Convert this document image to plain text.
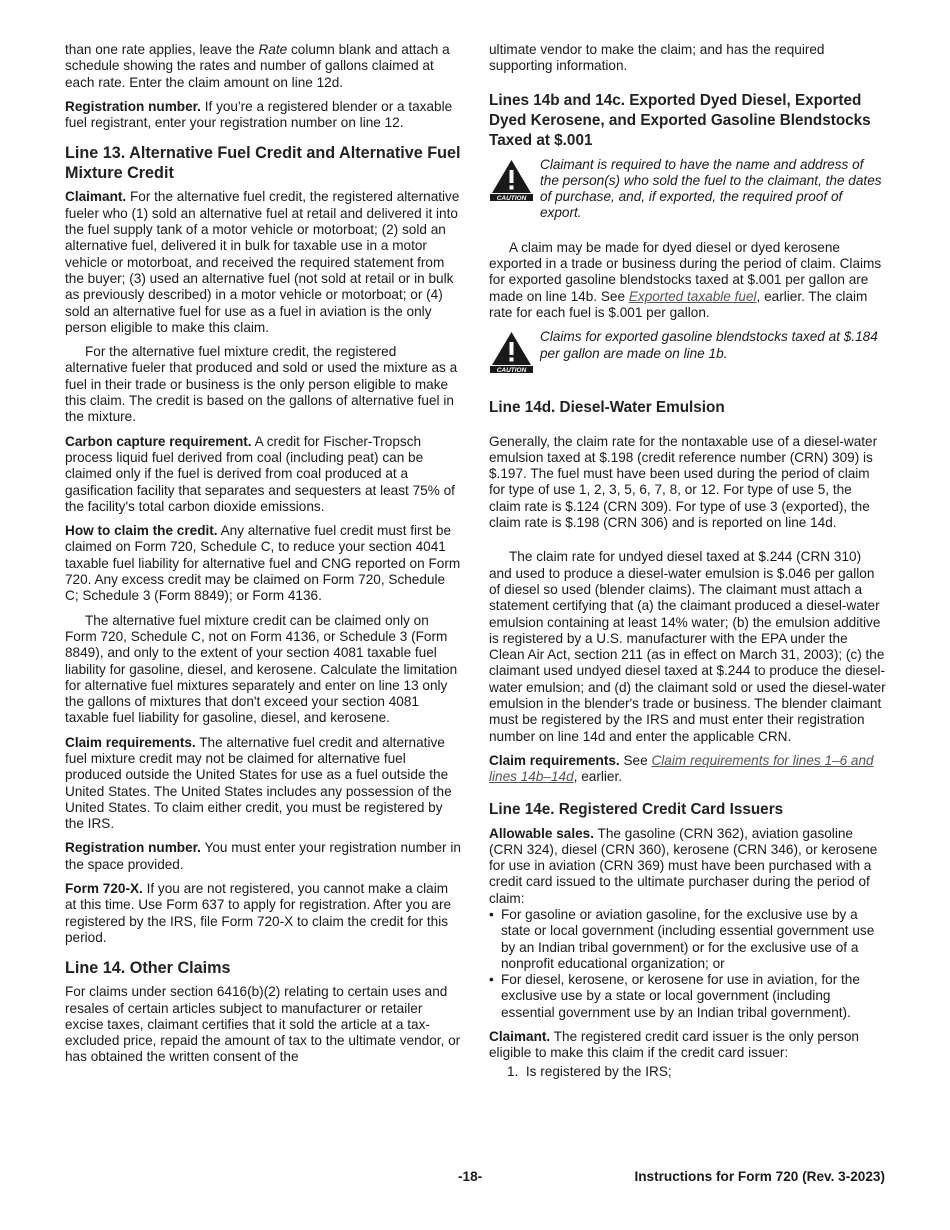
than one rate applies, leave the Rate column blank and attach a schedule showing the rates and number of gallons claimed at each rate. Enter the claim amount on line 12d.

Registration number. If you're a registered blender or a taxable fuel registrant, enter your registration number on line 12.

Line 13. Alternative Fuel Credit and Alternative Fuel Mixture Credit

Claimant. For the alternative fuel credit, the registered alternative fueler who (1) sold an alternative fuel at retail and delivered it into the fuel supply tank of a motor vehicle or motorboat; (2) sold an alternative fuel, delivered it in bulk for taxable use in a motor vehicle or motorboat, and received the required statement from the buyer; (3) used an alternative fuel (not sold at retail or in bulk as previously described) in a motor vehicle or motorboat; or (4) sold an alternative fuel for use as a fuel in aviation is the only person eligible to make this claim.

For the alternative fuel mixture credit, the registered alternative fueler that produced and sold or used the mixture as a fuel in their trade or business is the only person eligible to make this claim. The credit is based on the gallons of alternative fuel in the mixture.

Carbon capture requirement. A credit for Fischer-Tropsch process liquid fuel derived from coal (including peat) can be claimed only if the fuel is derived from coal produced at a gasification facility that separates and sequesters at least 75% of the facility's total carbon dioxide emissions.

How to claim the credit. Any alternative fuel credit must first be claimed on Form 720, Schedule C, to reduce your section 4041 taxable fuel liability for alternative fuel and CNG reported on Form 720. Any excess credit may be claimed on Form 720, Schedule C; Schedule 3 (Form 8849); or Form 4136.

The alternative fuel mixture credit can be claimed only on Form 720, Schedule C, not on Form 4136, or Schedule 3 (Form 8849), and only to the extent of your section 4081 taxable fuel liability for gasoline, diesel, and kerosene. Calculate the limitation for alternative fuel mixtures separately and enter on line 13 only the gallons of mixtures that don't exceed your section 4081 taxable fuel liability for gasoline, diesel, and kerosene.

Claim requirements. The alternative fuel credit and alternative fuel mixture credit may not be claimed for alternative fuel produced outside the United States for use as a fuel outside the United States. The United States includes any possession of the United States. To claim either credit, you must be registered by the IRS.

Registration number. You must enter your registration number in the space provided.

Form 720-X. If you are not registered, you cannot make a claim at this time. Use Form 637 to apply for registration. After you are registered by the IRS, file Form 720-X to claim the credit for this period.

Line 14. Other Claims

For claims under section 6416(b)(2) relating to certain uses and resales of certain articles subject to manufacturer or retailer excise taxes, claimant certifies that it sold the article at a tax-excluded price, repaid the amount of tax to the ultimate vendor, or has obtained the written consent of the

ultimate vendor to make the claim; and has the required supporting information.

Lines 14b and 14c. Exported Dyed Diesel, Exported Dyed Kerosene, and Exported Gasoline Blendstocks Taxed at $.001
CAUTION
Claimant is required to have the name and address of the person(s) who sold the fuel to the claimant, the dates of purchase, and, if exported, the required proof of export.

A claim may be made for dyed diesel or dyed kerosene exported in a trade or business during the period of claim. Claims for exported gasoline blendstocks taxed at $.001 per gallon are made on line 14b. See Exported taxable fuel, earlier. The claim rate for each fuel is $.001 per gallon.

CAUTION
Claims for exported gasoline blendstocks taxed at $.184 per gallon are made on line 1b.
Line 14d. Diesel-Water Emulsion

Generally, the claim rate for the nontaxable use of a diesel-water emulsion taxed at $.198 (credit reference number (CRN) 309) is $.197. The fuel must have been used during the period of claim for type of use 1, 2, 3, 5, 6, 7, 8, or 12. For type of use 5, the claim rate is $.124 (CRN 309). For type of use 3 (exported), the claim rate is $.198 (CRN 306) and is reported on line 14d.

The claim rate for undyed diesel taxed at $.244 (CRN 310) and used to produce a diesel-water emulsion is $.046 per gallon of diesel so used (blender claims). The claimant must attach a statement certifying that (a) the claimant produced a diesel-water emulsion containing at least 14% water; (b) the emulsion additive is registered by a U.S. manufacturer with the EPA under the Clean Air Act, section 211 (as in effect on March 31, 2003); (c) the claimant used undyed diesel taxed at $.244 to produce the diesel-water emulsion; and (d) the claimant sold or used the diesel-water emulsion in the blender's trade or business. The blender claimant must be registered by the IRS and must enter their registration number on line 14d and enter the applicable CRN.

Claim requirements. See Claim requirements for lines 1–6 and lines 14b–14d, earlier.

Line 14e. Registered Credit Card Issuers

Allowable sales. The gasoline (CRN 362), aviation gasoline (CRN 324), diesel (CRN 360), kerosene (CRN 346), or kerosene for use in aviation (CRN 369) must have been purchased with a credit card issued to the ultimate purchaser during the period of claim:

• For gasoline or aviation gasoline, for the exclusive use by a state or local government (including essential government use by an Indian tribal government) or for the exclusive use of a nonprofit educational organization; or
• For diesel, kerosene, or kerosene for use in aviation, for the exclusive use by a state or local government (including essential government use by an Indian tribal government).

Claimant. The registered credit card issuer is the only person eligible to make this claim if the credit card issuer:

1.  Is registered by the IRS;
-18-	Instructions for Form 720 (Rev. 3-2023)
